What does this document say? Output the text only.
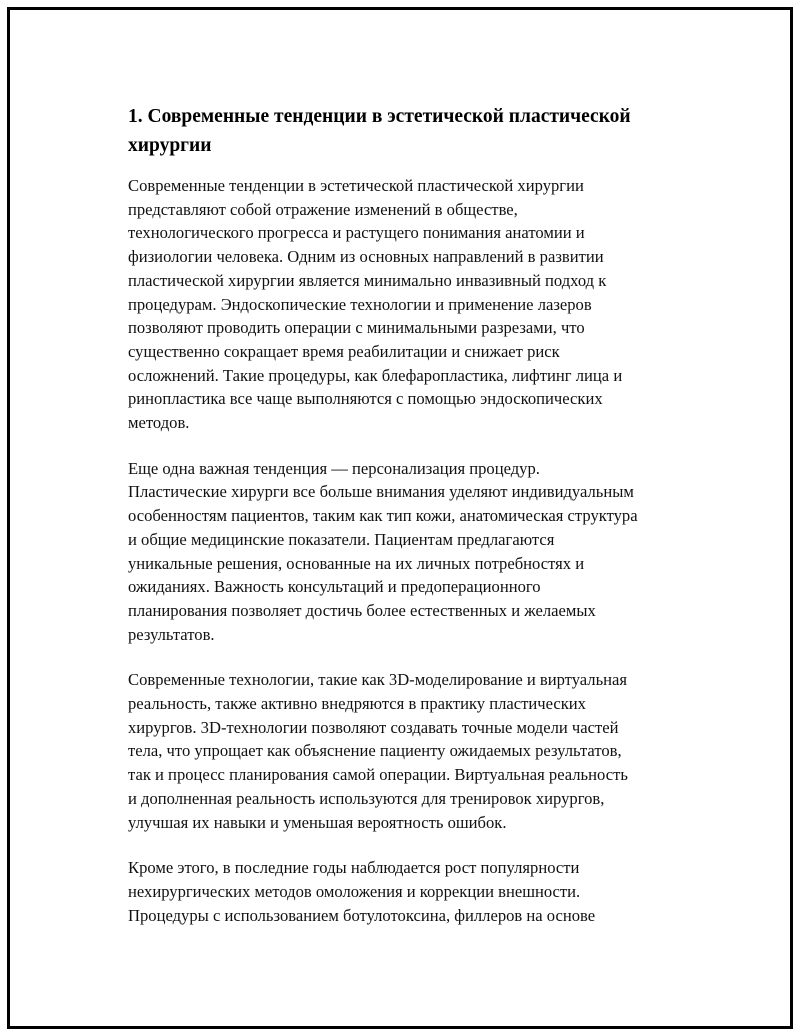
1. Современные тенденции в эстетической пластической
хирургии

Современные тенденции в эстетической пластической хирургии
представляют собой отражение изменений в обществе,
технологического прогресса и растущего понимания анатомии и
физиологии человека. Одним из основных направлений в развитии
пластической хирургии является минимально инвазивный подход к
процедурам. Эндоскопические технологии и применение лазеров
позволяют проводить операции с минимальными разрезами, что
существенно сокращает время реабилитации и снижает риск
осложнений. Такие процедуры, как блефаропластика, лифтинг лица и
ринопластика все чаще выполняются с помощью эндоскопических
методов.

Еще одна важная тенденция — персонализация процедур.
Пластические хирурги все больше внимания уделяют индивидуальным
особенностям пациентов, таким как тип кожи, анатомическая структура
и общие медицинские показатели. Пациентам предлагаются
уникальные решения, основанные на их личных потребностях и
ожиданиях. Важность консультаций и предоперационного
планирования позволяет достичь более естественных и желаемых
результатов.

Современные технологии, такие как 3D-моделирование и виртуальная
реальность, также активно внедряются в практику пластических
хирургов. 3D-технологии позволяют создавать точные модели частей
тела, что упрощает как объяснение пациенту ожидаемых результатов,
так и процесс планирования самой операции. Виртуальная реальность
и дополненная реальность используются для тренировок хирургов,
улучшая их навыки и уменьшая вероятность ошибок.

Кроме этого, в последние годы наблюдается рост популярности
нехирургических методов омоложения и коррекции внешности.
Процедуры с использованием ботулотоксина, филлеров на основе
